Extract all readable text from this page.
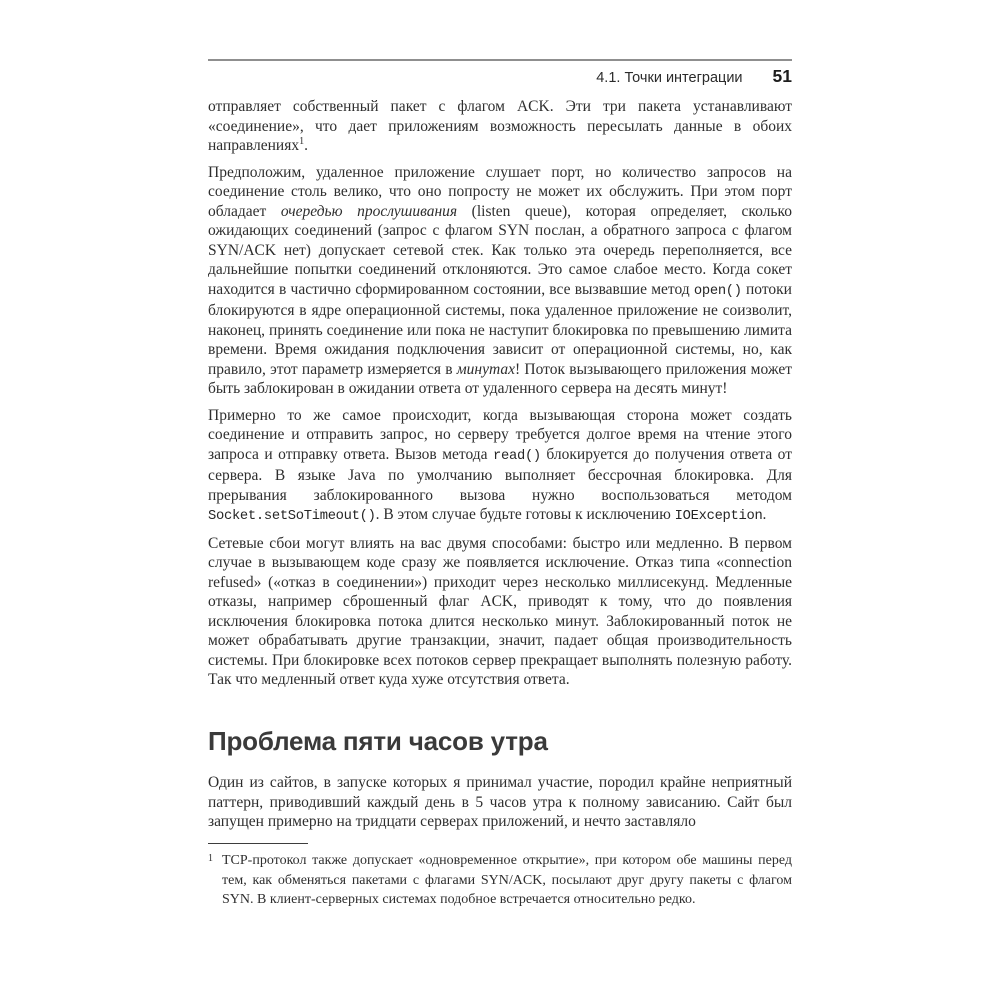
4.1. Точки интеграции 51

отправляет собственный пакет с флагом ACK. Эти три пакета устанавливают «соединение», что дает приложениям возможность пересылать данные в обоих направлениях$^1$.

Предположим, удаленное приложение слушает порт, но количество запросов на соединение столь велико, что оно попросту не может их обслужить. При этом порт обладает очередью прослушивания (listen queue), которая определяет, сколько ожидающих соединений (запрос с флагом SYN послан, а обратного запроса с флагом SYN/ACK нет) допускает сетевой стек. Как только эта очередь переполняется, все дальнейшие попытки соединений отклоняются. Это самое слабое место. Когда сокет находится в частично сформированном состоянии, все вызвавшие метод open() потоки блокируются в ядре операционной системы, пока удаленное приложение не соизволит, наконец, принять соединение или пока не наступит блокировка по превышению лимита времени. Время ожидания подключения зависит от операционной системы, но, как правило, этот параметр измеряется в минутах! Поток вызывающего приложения может быть заблокирован в ожидании ответа от удаленного сервера на десять минут!

Примерно то же самое происходит, когда вызывающая сторона может создать соединение и отправить запрос, но серверу требуется долгое время на чтение этого запроса и отправку ответа. Вызов метода read() блокируется до получения ответа от сервера. В языке Java по умолчанию выполняет бессрочная блокировка. Для прерывания заблокированного вызова нужно воспользоваться методом Socket.setSoTimeout(). В этом случае будьте готовы к исключению IOException.

Сетевые сбои могут влиять на вас двумя способами: быстро или медленно. В первом случае в вызывающем коде сразу же появляется исключение. Отказ типа «connection refused» («отказ в соединении») приходит через несколько миллисекунд. Медленные отказы, например сброшенный флаг ACK, приводят к тому, что до появления исключения блокировка потока длится несколько минут. Заблокированный поток не может обрабатывать другие транзакции, значит, падает общая производительность системы. При блокировке всех потоков сервер прекращает выполнять полезную работу. Так что медленный ответ куда хуже отсутствия ответа.

Проблема пяти часов утра

Один из сайтов, в запуске которых я принимал участие, породил крайне неприятный паттерн, приводивший каждый день в 5 часов утра к полному зависанию. Сайт был запущен примерно на тридцати серверах приложений, и нечто заставляло

1 TCP-протокол также допускает «одновременное открытие», при котором обе машины перед тем, как обменяться пакетами с флагами SYN/ACK, посылают друг другу пакеты с флагом SYN. В клиент-серверных системах подобное встречается относительно редко.
